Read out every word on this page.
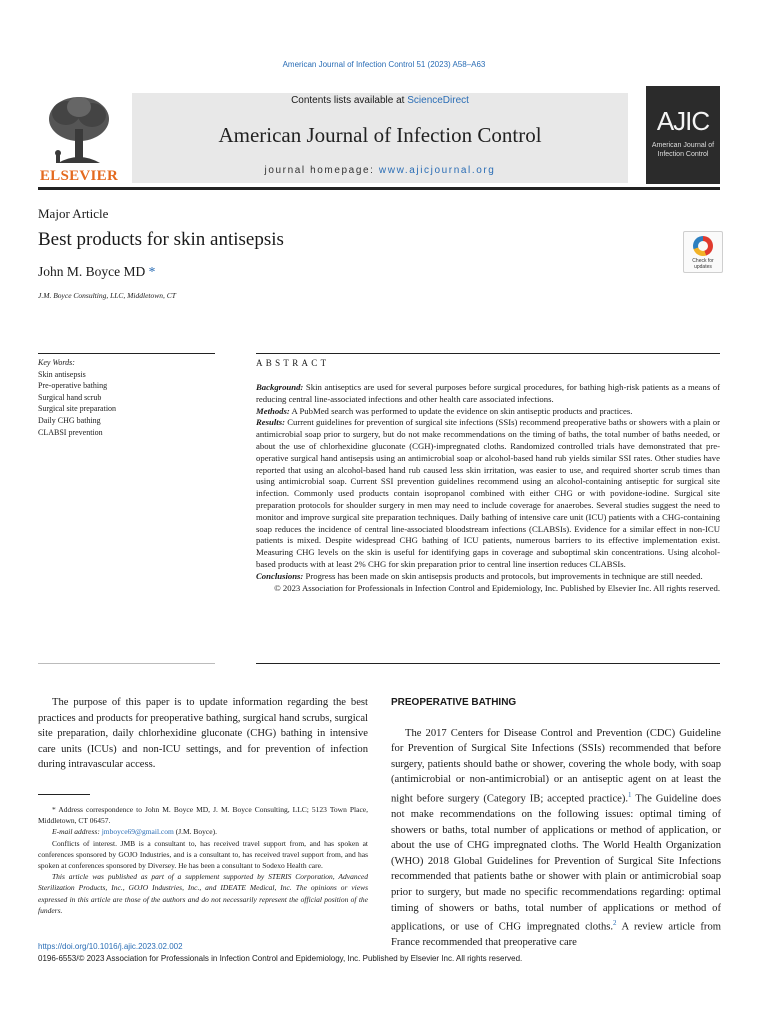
American Journal of Infection Control 51 (2023) A58–A63
ELSEVIER
Contents lists available at ScienceDirect
American Journal of Infection Control
journal homepage: www.ajicjournal.org
AJIC
American Journal of Infection Control
Major Article
Best products for skin antisepsis
Check for updates
John M. Boyce MD *
J.M. Boyce Consulting, LLC, Middletown, CT
Key Words:
Skin antisepsis
Pre-operative bathing
Surgical hand scrub
Surgical site preparation
Daily CHG bathing
CLABSI prevention
ABSTRACT

Background: Skin antiseptics are used for several purposes before surgical procedures, for bathing high-risk patients as a means of reducing central line-associated infections and other health care associated infections.

Methods: A PubMed search was performed to update the evidence on skin antiseptic products and practices.

Results: Current guidelines for prevention of surgical site infections (SSIs) recommend preoperative baths or showers with a plain or antimicrobial soap prior to surgery, but do not make recommendations on the timing of baths, the total number of baths needed, or about the use of chlorhexidine gluconate (CGH)-impregnated cloths. Randomized controlled trials have demonstrated that pre-operative surgical hand antisepsis using an antimicrobial soap or alcohol-based hand rub yields similar SSI rates. Other studies have reported that using an alcohol-based hand rub caused less skin irritation, was easier to use, and required shorter scrub times than using antimicrobial soap. Current SSI prevention guidelines recommend using an alcohol-containing antiseptic for surgical site infection. Commonly used products contain isopropanol combined with either CHG or with povidone-iodine. Surgical site preparation protocols for shoulder surgery in men may need to include coverage for anaerobes. Several studies suggest the need to monitor and improve surgical site preparation techniques. Daily bathing of intensive care unit (ICU) patients with a CHG-containing soap reduces the incidence of central line-associated bloodstream infections (CLABSIs). Evidence for a similar effect in non-ICU patients is mixed. Despite widespread CHG bathing of ICU patients, numerous barriers to its effective implementation exist. Measuring CHG levels on the skin is useful for identifying gaps in coverage and suboptimal skin concentrations. Using alcohol-based products with at least 2% CHG for skin preparation prior to central line insertion reduces CLABSIs.

Conclusions: Progress has been made on skin antisepsis products and protocols, but improvements in technique are still needed.

© 2023 Association for Professionals in Infection Control and Epidemiology, Inc. Published by Elsevier Inc. All rights reserved.

The purpose of this paper is to update information regarding the best practices and products for preoperative bathing, surgical hand scrubs, surgical site preparation, daily chlorhexidine gluconate (CHG) bathing in intensive care units (ICUs) and non-ICU settings, and for prevention of infection during intravascular access.

* Address correspondence to John M. Boyce MD, J. M. Boyce Consulting, LLC; 5123 Town Place, Middletown, CT 06457.

E-mail address: jmboyce69@gmail.com (J.M. Boyce).

Conflicts of interest. JMB is a consultant to, has received travel support from, and has spoken at conferences sponsored by GOJO Industries, and is a consultant to, has received travel support from, and has spoken at conferences sponsored by Diversey. He has been a consultant to Sodexo Health care.

This article was published as part of a supplement supported by STERIS Corporation, Advanced Sterilization Products, Inc., GOJO Industries, Inc., and IDEATE Medical, Inc. The opinions or views expressed in this article are those of the authors and do not necessarily represent the official position of the funders.

PREOPERATIVE BATHING

The 2017 Centers for Disease Control and Prevention (CDC) Guideline for Prevention of Surgical Site Infections (SSIs) recommended that before surgery, patients should bathe or shower, covering the whole body, with soap (antimicrobial or non-antimicrobial) or an antiseptic agent on at least the night before surgery (Category IB; accepted practice).$^1$ The Guideline does not make recommendations on the following issues: optimal timing of showers or baths, total number of applications or method of application, or about the use of CHG impregnated cloths. The World Health Organization (WHO) 2018 Global Guidelines for Prevention of Surgical Site Infections recommended that patients bathe or shower with plain or antimicrobial soap prior to surgery, but made no specific recommendations regarding: optimal timing of showers or baths, total number of applications or method of applications, or use of CHG impregnated cloths.$^2$ A review article from France recommended that preoperative care

https://doi.org/10.1016/j.ajic.2023.02.002
0196-6553/© 2023 Association for Professionals in Infection Control and Epidemiology, Inc. Published by Elsevier Inc. All rights reserved.
